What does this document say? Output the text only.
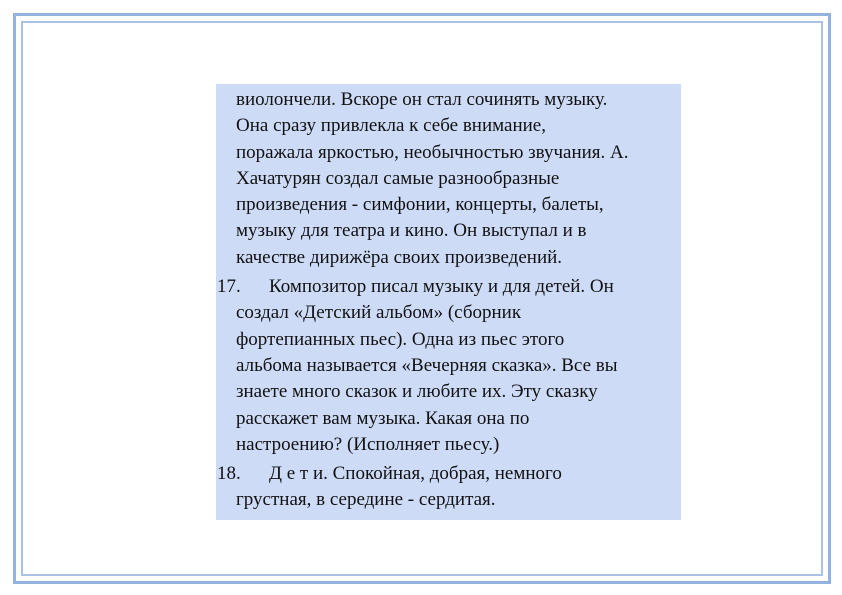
виолончели. Вскоре он стал сочинять музыку.
Она сразу привлекла к себе внимание,
поражала яркостью, необычностью звучания. А.
Хачатурян создал самые разнообразные
произведения - симфонии, концерты, балеты,
музыку для театра и кино. Он выступал и в
качестве дирижёра своих произведений.

17.	Композитор писал музыку и для детей. Он
создал «Детский альбом» (сборник
фортепианных пьес). Одна из пьес этого
альбома называется «Вечерняя сказка». Все вы
знаете много сказок и любите их. Эту сказку
расскажет вам музыка. Какая она по
настроению? (Исполняет пьесу.)

18.	Д е т и. Спокойная, добрая, немного
грустная, в середине - сердитая.
